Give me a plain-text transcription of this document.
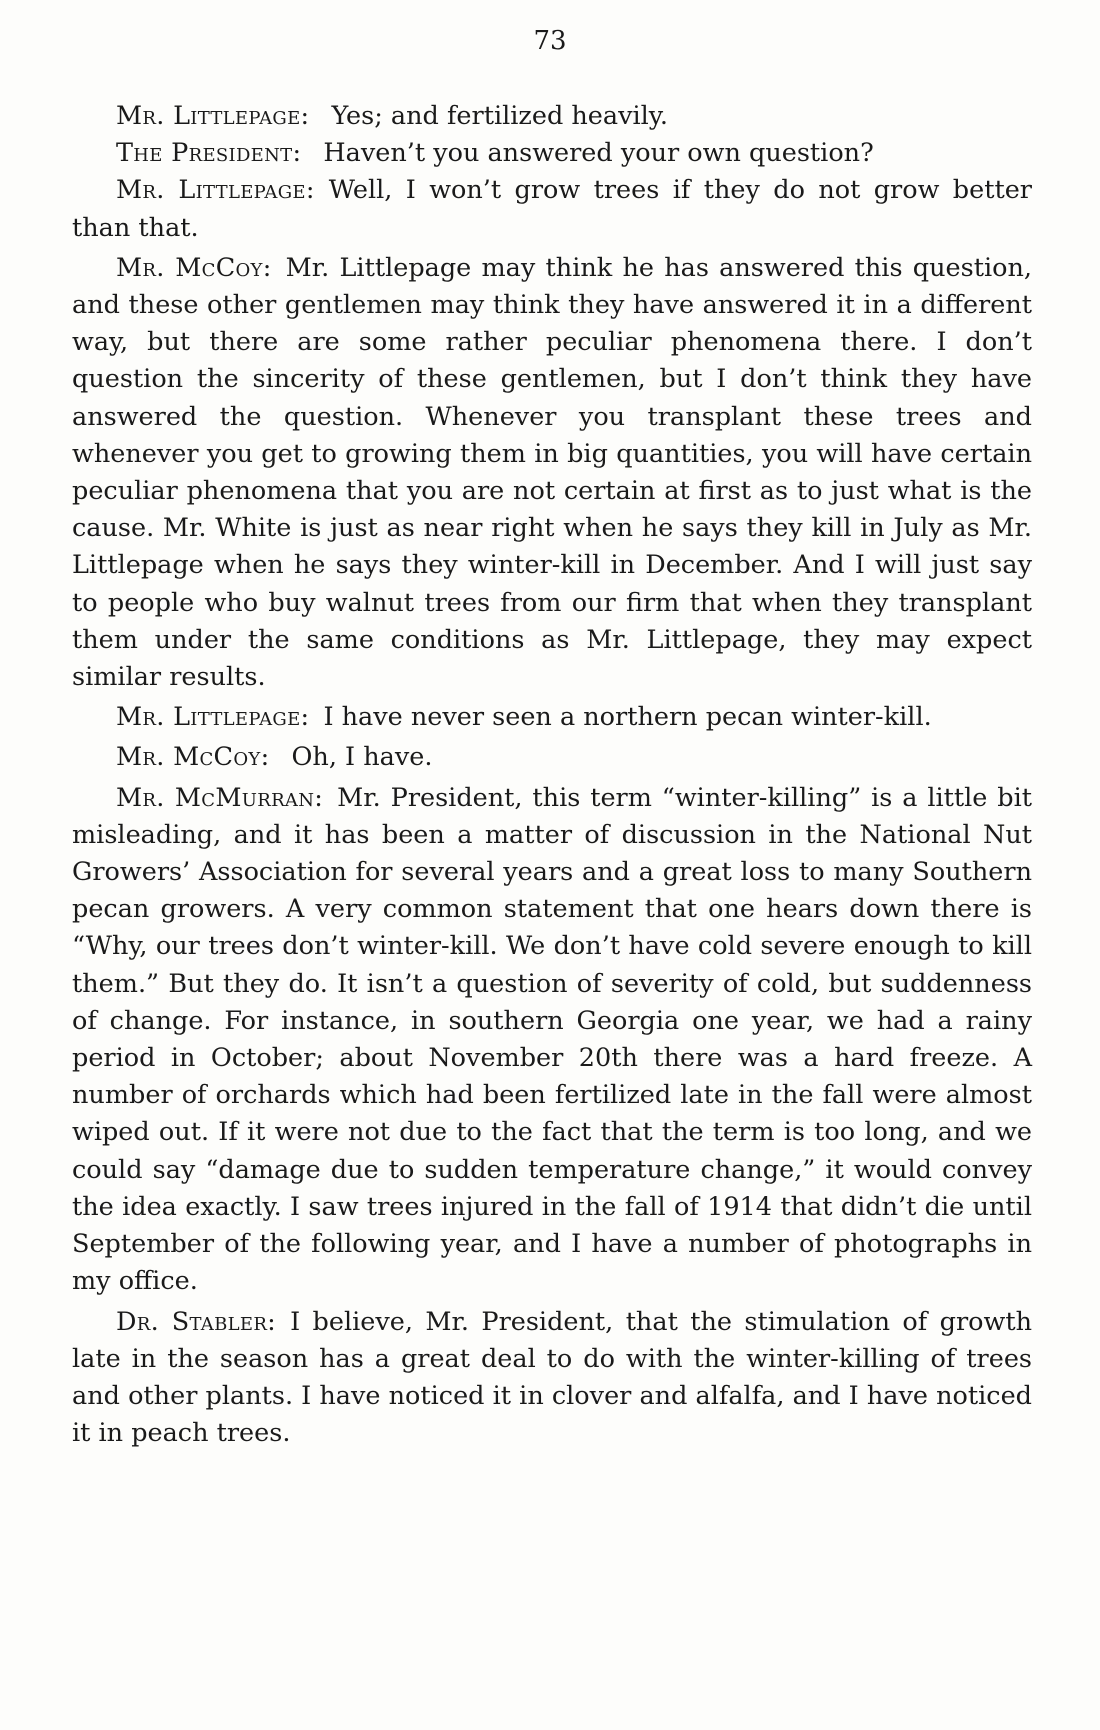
73

Mr. Littlepage: Yes; and fertilized heavily.

The President: Haven’t you answered your own question?

Mr. Littlepage: Well, I won’t grow trees if they do not grow better than that.

Mr. McCoy: Mr. Littlepage may think he has answered this question, and these other gentlemen may think they have answered it in a different way, but there are some rather peculiar phenomena there. I don’t question the sincerity of these gentlemen, but I don’t think they have answered the question. Whenever you transplant these trees and whenever you get to growing them in big quantities, you will have certain peculiar phenomena that you are not certain at first as to just what is the cause. Mr. White is just as near right when he says they kill in July as Mr. Littlepage when he says they winter-kill in December. And I will just say to people who buy walnut trees from our firm that when they transplant them under the same conditions as Mr. Littlepage, they may expect similar results.

Mr. Littlepage: I have never seen a northern pecan winter-kill.

Mr. McCoy: Oh, I have.

Mr. McMurran: Mr. President, this term “winter-killing” is a little bit misleading, and it has been a matter of discussion in the National Nut Growers’ Association for several years and a great loss to many Southern pecan growers. A very common statement that one hears down there is “Why, our trees don’t winter-kill. We don’t have cold severe enough to kill them.” But they do. It isn’t a question of severity of cold, but suddenness of change. For instance, in southern Georgia one year, we had a rainy period in October; about November 20th there was a hard freeze. A number of orchards which had been fertilized late in the fall were almost wiped out. If it were not due to the fact that the term is too long, and we could say “damage due to sudden temperature change,” it would convey the idea exactly. I saw trees injured in the fall of 1914 that didn’t die until September of the following year, and I have a number of photographs in my office.

Dr. Stabler: I believe, Mr. President, that the stimulation of growth late in the season has a great deal to do with the winter-killing of trees and other plants. I have noticed it in clover and alfalfa, and I have noticed it in peach trees.
